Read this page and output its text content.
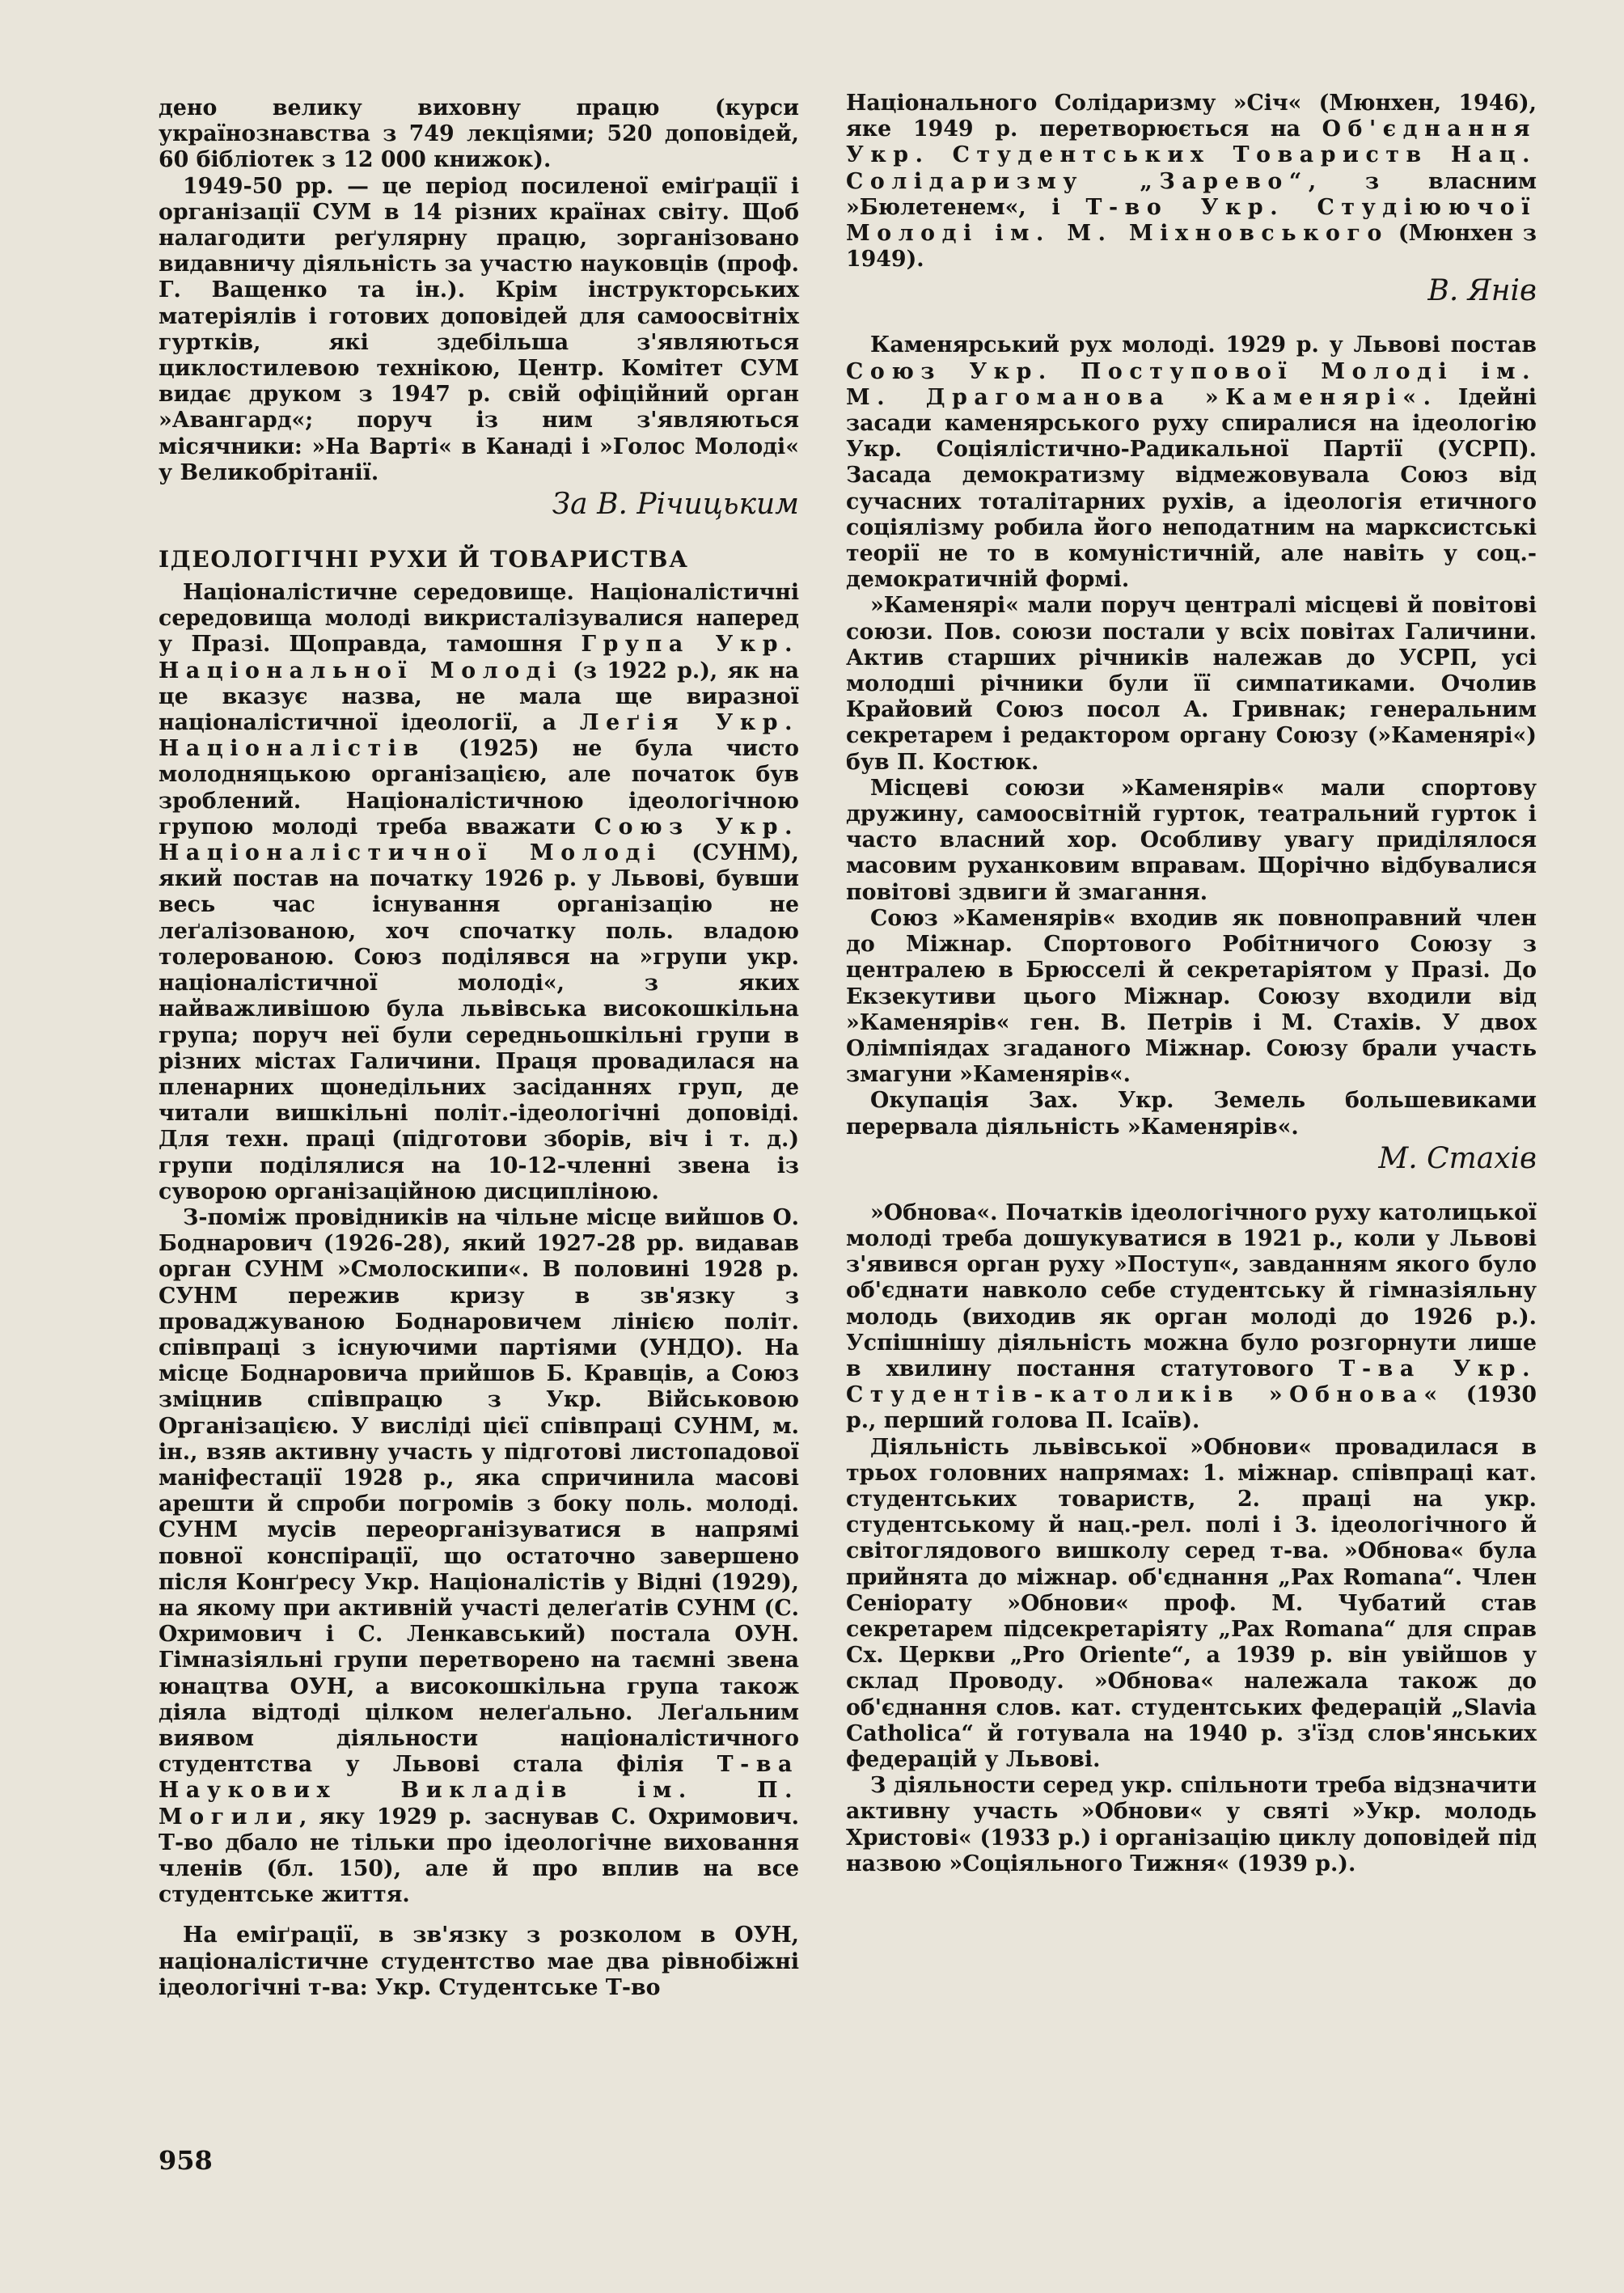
дено велику виховну працю (курси українознавства з 749 лекціями; 520 доповідей, 60 бібліотек з 12 000 книжок).

1949-50 рр. — це період посиленої еміґрації і організації СУМ в 14 різних країнах світу. Щоб налагодити реґулярну працю, зорганізовано видавничу діяльність за участю науковців (проф. Г. Ващенко та ін.). Крім інструкторських матеріялів і готових доповідей для самоосвітніх гуртків, які здебільша з'являються циклостилевою технікою, Центр. Комітет СУМ видає друком з 1947 р. свій офіційний орган »Авангард«; поруч із ним з'являються місячники: »На Варті« в Канаді і »Голос Молоді« у Великобрітанії.

За В. Річицьким
ІДЕОЛОГІЧНІ РУХИ Й ТОВАРИСТВА

Націоналістичне середовище. Націоналістичні середовища молоді викристалізувалися наперед у Празі. Щоправда, тамошня Група Укр. Національної Молоді (з 1922 р.), як на це вказує назва, не мала ще виразної націоналістичної ідеології, а Леґія Укр. Націоналістів (1925) не була чисто молодняцькою організацією, але початок був зроблений. Націоналістичною ідеологічною групою молоді треба вважати Союз Укр. Націоналістичної Молоді (СУНМ), який постав на початку 1926 р. у Львові, бувши весь час існування організацію не леґалізованою, хоч спочатку поль. владою толерованою. Союз поділявся на »групи укр. націоналістичної молоді«, з яких найважливішою була львівська високошкільна група; поруч неї були середньошкільні групи в різних містах Галичини. Праця провадилася на пленарних щонедільних засіданнях груп, де читали вишкільні політ.-ідеологічні доповіді. Для техн. праці (підготови зборів, віч і т. д.) групи поділялися на 10-12-членні звена із суворою організаційною дисципліною.

З-поміж провідників на чільне місце вийшов О. Боднарович (1926-28), який 1927-28 рр. видавав орган СУНМ »Смолоскипи«. В половині 1928 р. СУНМ пережив кризу в зв'язку з проваджуваною Боднаровичем лінією політ. співпраці з існуючими партіями (УНДО). На місце Боднаровича прийшов Б. Кравців, а Союз зміцнив співпрацю з Укр. Військовою Організацією. У висліді цієї співпраці СУНМ, м. ін., взяв активну участь у підготові листопадової маніфестації 1928 р., яка спричинила масові арешти й спроби погромів з боку поль. молоді. СУНМ мусів переорганізуватися в напрямі повної конспірації, що остаточно завершено після Конґресу Укр. Націоналістів у Відні (1929), на якому при активній участі делеґатів СУНМ (С. Охримович і С. Ленкавський) постала ОУН. Гімназіяльні групи перетворено на таємні звена юнацтва ОУН, а високошкільна група також діяла відтоді цілком нелеґально. Леґальним виявом діяльности націоналістичного студентства у Львові стала філія Т-ва Наукових Викладів ім. П. Могили, яку 1929 р. заснував С. Охримович. Т-во дбало не тільки про ідеологічне виховання членів (бл. 150), але й про вплив на все студентське життя.

На еміґрації, в зв'язку з розколом в ОУН, націоналістичне студентство мае два рівнобіжні ідеологічні т-ва: Укр. Студентське Т-во

Національного Солідаризму »Січ« (Мюнхен, 1946), яке 1949 р. перетворюється на Об'єднання Укр. Студентських Товариств Нац. Солідаризму „Зарево“, з власним »Бюлетенем«, і Т-во Укр. Студіюючої Молоді ім. М. Міхновського (Мюнхен з 1949).

В. Янів

Каменярський рух молоді. 1929 р. у Львові постав Союз Укр. Поступової Молоді ім. М. Драгоманова »Каменярі«. Ідейні засади каменярського руху спиралися на ідеологію Укр. Соціялістично-Радикальної Партії (УСРП). Засада демократизму відмежовувала Союз від сучасних тоталітарних рухів, а ідеологія етичного соціялізму робила його неподатним на марксистські теорії не то в комуністичній, але навіть у соц.-демократичній формі.

»Каменярі« мали поруч централі місцеві й повітові союзи. Пов. союзи постали у всіх повітах Галичини. Актив старших річників належав до УСРП, усі молодші річники були її симпатиками. Очолив Крайовий Союз посол А. Гривнак; генеральним секретарем і редактором органу Союзу (»Каменярі«) був П. Костюк.

Місцеві союзи »Каменярів« мали спортову дружину, самоосвітній гурток, театральний гурток і часто власний хор. Особливу увагу приділялося масовим руханковим вправам. Щорічно відбувалися повітові здвиги й змагання.

Союз »Каменярів« входив як повноправний член до Міжнар. Спортового Робітничого Союзу з централею в Брюсселі й секретаріятом у Празі. До Екзекутиви цього Міжнар. Союзу входили від »Каменярів« ген. В. Петрів і М. Стахів. У двох Олімпіядах згаданого Міжнар. Союзу брали участь змагуни »Каменярів«.

Окупація Зах. Укр. Земель большевиками перервала діяльність »Каменярів«.

М. Стахів

»Обнова«. Початків ідеологічного руху католицької молоді треба дошукуватися в 1921 р., коли у Львові з'явився орган руху »Поступ«, завданням якого було об'єднати навколо себе студентську й гімназіяльну молодь (виходив як орган молоді до 1926 р.). Успішнішу діяльність можна було розгорнути лише в хвилину постання статутового Т-ва Укр. Студентів-католиків »Обнова« (1930 р., перший голова П. Ісаїв).

Діяльність львівської »Обнови« провадилася в трьох головних напрямах: 1. міжнар. співпраці кат. студентських товариств, 2. праці на укр. студентському й нац.-рел. полі і 3. ідеологічного й світоглядового вишколу серед т-ва. »Обнова« була прийнята до міжнар. об'єднання „Pax Romana“. Член Сеніорату »Обнови« проф. М. Чубатий став секретарем підсекретаріяту „Pax Romana“ для справ Сх. Церкви „Pro Oriente“, а 1939 р. він увійшов у склад Проводу. »Обнова« належала також до об'єднання слов. кат. студентських федерацій „Slavia Catholica“ й готувала на 1940 р. з'їзд слов'янських федерацій у Львові.

З діяльности серед укр. спільноти треба відзначити активну участь »Обнови« у святі »Укр. молодь Христові« (1933 р.) і організацію циклу доповідей під назвою »Соціяльного Тижня« (1939 р.).

958
